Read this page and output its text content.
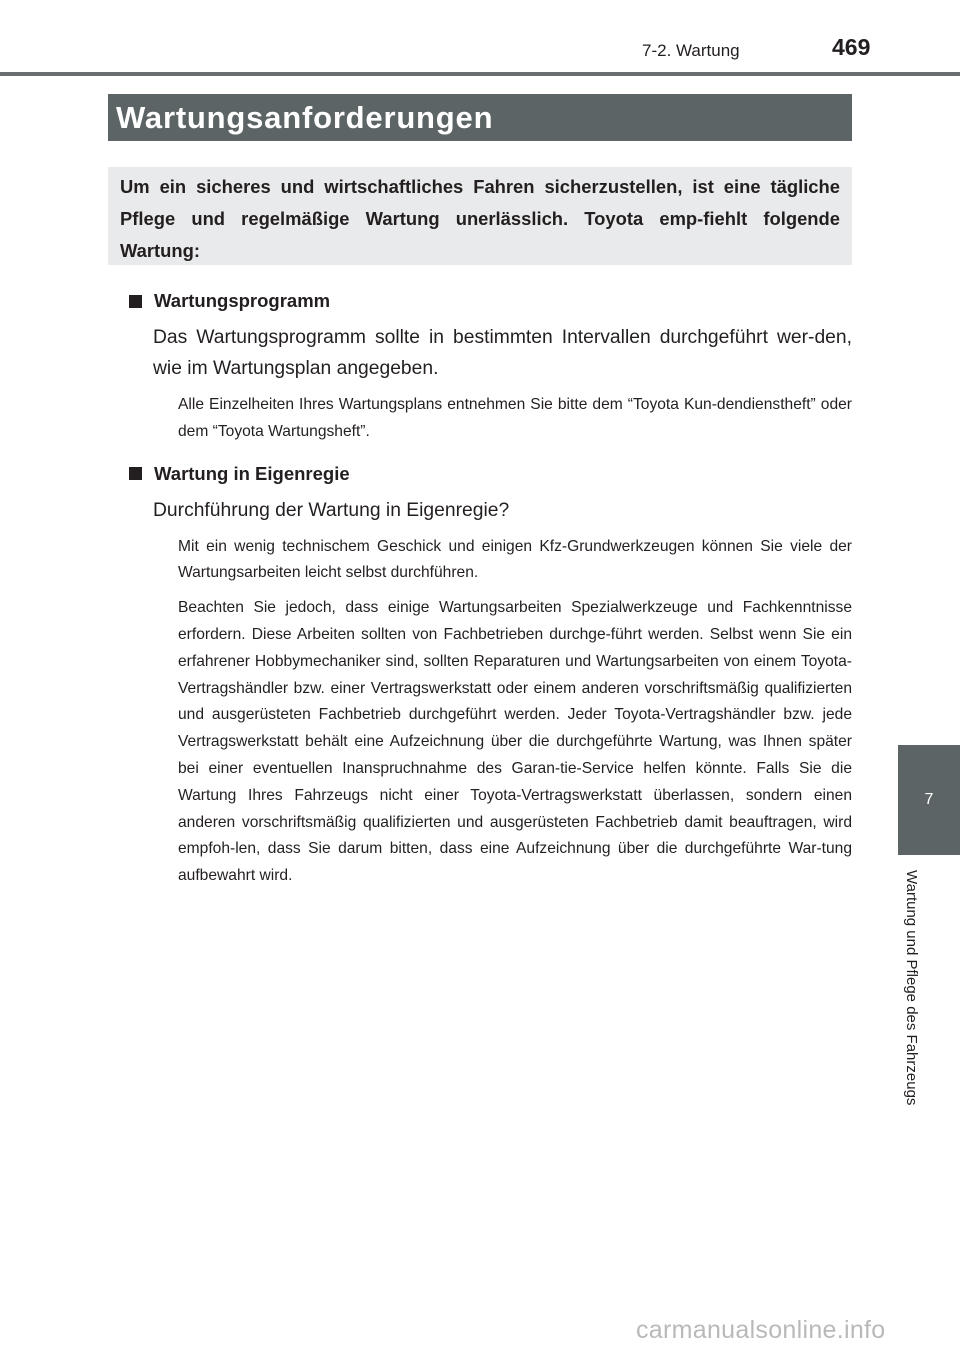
7-2. Wartung	469
Wartungsanforderungen
Um ein sicheres und wirtschaftliches Fahren sicherzustellen, ist eine tägliche Pflege und regelmäßige Wartung unerlässlich. Toyota emp-fiehlt folgende Wartung:
Wartungsprogramm

Das Wartungsprogramm sollte in bestimmten Intervallen durchgeführt wer-den, wie im Wartungsplan angegeben.

Alle Einzelheiten Ihres Wartungsplans entnehmen Sie bitte dem “Toyota Kun-dendienstheft” oder dem “Toyota Wartungsheft”.

Wartung in Eigenregie

Durchführung der Wartung in Eigenregie?

Mit ein wenig technischem Geschick und einigen Kfz-Grundwerkzeugen können Sie viele der Wartungsarbeiten leicht selbst durchführen.

Beachten Sie jedoch, dass einige Wartungsarbeiten Spezialwerkzeuge und Fachkenntnisse erfordern. Diese Arbeiten sollten von Fachbetrieben durchge-führt werden. Selbst wenn Sie ein erfahrener Hobbymechaniker sind, sollten Reparaturen und Wartungsarbeiten von einem Toyota-Vertragshändler bzw. einer Vertragswerkstatt oder einem anderen vorschriftsmäßig qualifizierten und ausgerüsteten Fachbetrieb durchgeführt werden. Jeder Toyota-Vertragshändler bzw. jede Vertragswerkstatt behält eine Aufzeichnung über die durchgeführte Wartung, was Ihnen später bei einer eventuellen Inanspruchnahme des Garan-tie-Service helfen könnte. Falls Sie die Wartung Ihres Fahrzeugs nicht einer Toyota-Vertragswerkstatt überlassen, sondern einen anderen vorschriftsmäßig qualifizierten und ausgerüsteten Fachbetrieb damit beauftragen, wird empfoh-len, dass Sie darum bitten, dass eine Aufzeichnung über die durchgeführte War-tung aufbewahrt wird.

7
Wartung und Pflege des Fahrzeugs
carmanualsonline.info
